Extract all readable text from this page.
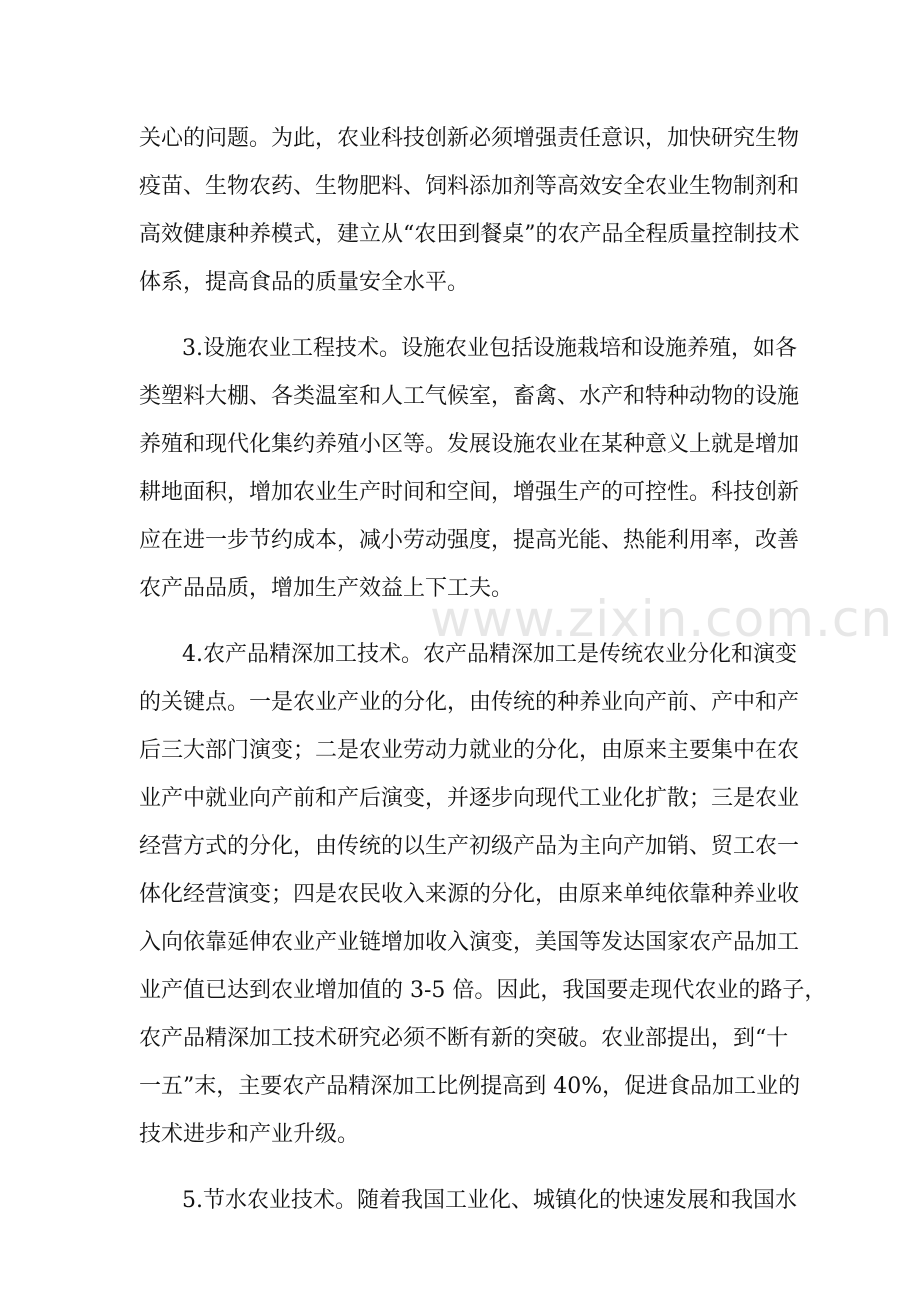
www.zixin.com.cn
关心的问题。为此，农业科技创新必须增强责任意识，加快研究生物
疫苗、生物农药、生物肥料、饲料添加剂等高效安全农业生物制剂和
高效健康种养模式，建立从“农田到餐桌”的农产品全程质量控制技术
体系，提高食品的质量安全水平。
3.设施农业工程技术。设施农业包括设施栽培和设施养殖，如各
类塑料大棚、各类温室和人工气候室，畜禽、水产和特种动物的设施
养殖和现代化集约养殖小区等。发展设施农业在某种意义上就是增加
耕地面积，增加农业生产时间和空间，增强生产的可控性。科技创新
应在进一步节约成本，减小劳动强度，提高光能、热能利用率，改善
农产品品质，增加生产效益上下工夫。
4.农产品精深加工技术。农产品精深加工是传统农业分化和演变
的关键点。一是农业产业的分化，由传统的种养业向产前、产中和产
后三大部门演变；二是农业劳动力就业的分化，由原来主要集中在农
业产中就业向产前和产后演变，并逐步向现代工业化扩散；三是农业
经营方式的分化，由传统的以生产初级产品为主向产加销、贸工农一
体化经营演变；四是农民收入来源的分化，由原来单纯依靠种养业收
入向依靠延伸农业产业链增加收入演变，美国等发达国家农产品加工
业产值已达到农业增加值的 3-5 倍。因此，我国要走现代农业的路子，
农产品精深加工技术研究必须不断有新的突破。农业部提出，到“十
一五”末，主要农产品精深加工比例提高到 40%，促进食品加工业的
技术进步和产业升级。
5.节水农业技术。随着我国工业化、城镇化的快速发展和我国水
